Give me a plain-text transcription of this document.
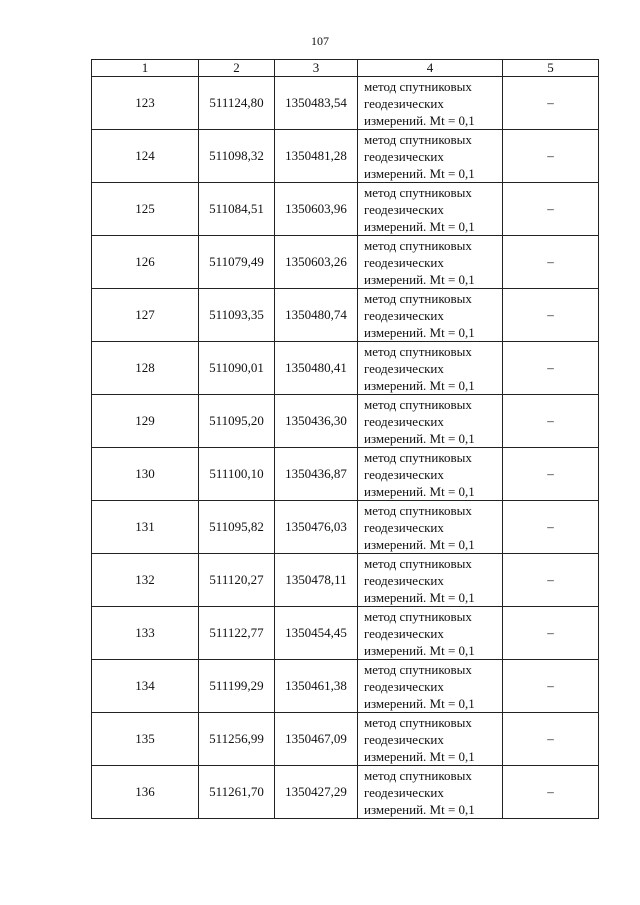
107
1	2	3	4	5
123	511124,80	1350483,54	метод спутниковых
геодезических
измерений. Mt = 0,1	–
124	511098,32	1350481,28	метод спутниковых
геодезических
измерений. Mt = 0,1	–
125	511084,51	1350603,96	метод спутниковых
геодезических
измерений. Mt = 0,1	–
126	511079,49	1350603,26	метод спутниковых
геодезических
измерений. Mt = 0,1	–
127	511093,35	1350480,74	метод спутниковых
геодезических
измерений. Mt = 0,1	–
128	511090,01	1350480,41	метод спутниковых
геодезических
измерений. Mt = 0,1	–
129	511095,20	1350436,30	метод спутниковых
геодезических
измерений. Mt = 0,1	–
130	511100,10	1350436,87	метод спутниковых
геодезических
измерений. Mt = 0,1	–
131	511095,82	1350476,03	метод спутниковых
геодезических
измерений. Mt = 0,1	–
132	511120,27	1350478,11	метод спутниковых
геодезических
измерений. Mt = 0,1	–
133	511122,77	1350454,45	метод спутниковых
геодезических
измерений. Mt = 0,1	–
134	511199,29	1350461,38	метод спутниковых
геодезических
измерений. Mt = 0,1	–
135	511256,99	1350467,09	метод спутниковых
геодезических
измерений. Mt = 0,1	–
136	511261,70	1350427,29	метод спутниковых
геодезических
измерений. Mt = 0,1	–
